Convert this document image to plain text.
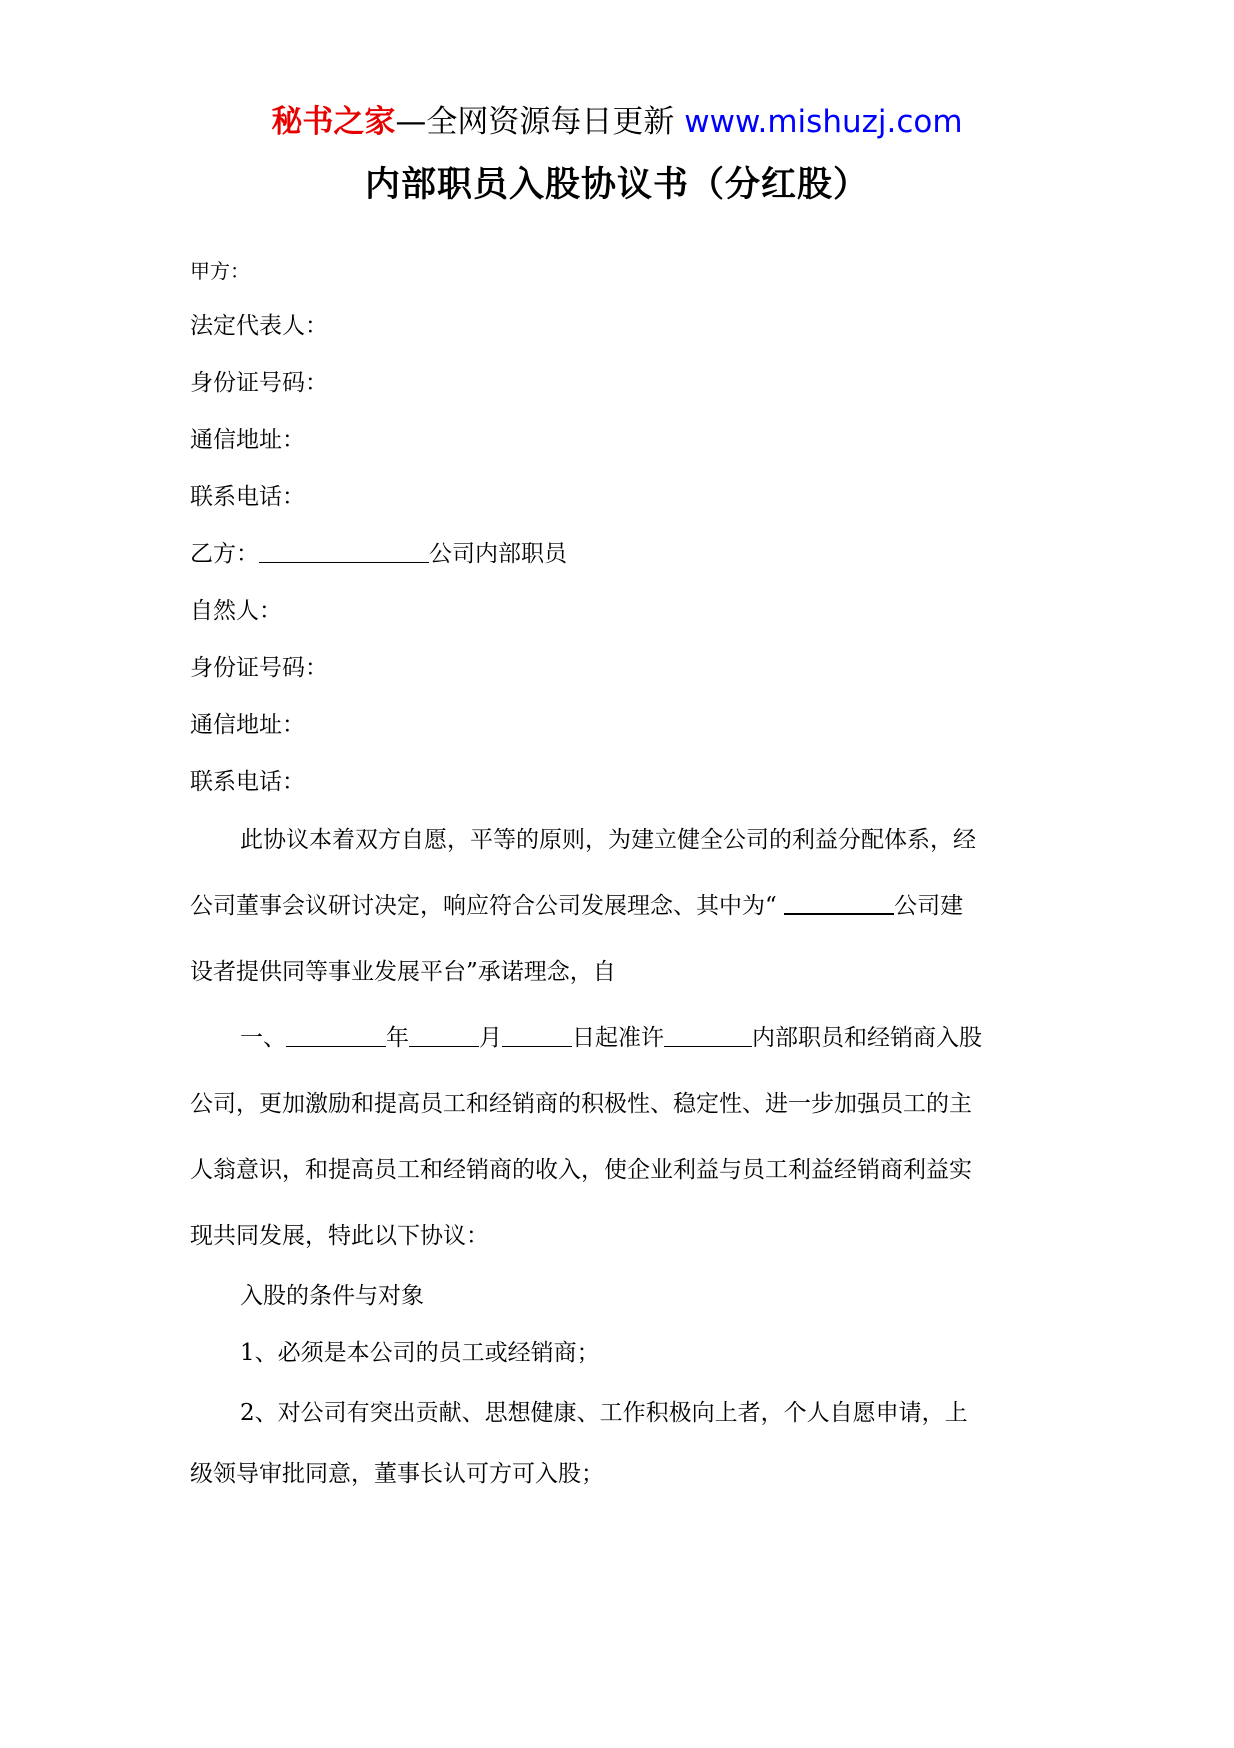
秘书之家—全网资源每日更新 www.mishuzj.com
内部职员入股协议书（分红股）
甲方：
法定代表人：
身份证号码：
通信地址：
联系电话：
乙方：	公司内部职员
自然人：
身份证号码：
通信地址：
联系电话：
此协议本着双方自愿，平等的原则，为建立健全公司的利益分配体系，经
公司董事会议研讨决定，响应符合公司发展理念、其中为“	公司建
设者提供同等事业发展平台”承诺理念，自
一、	年	月	日起准许	内部职员和经销商入股
公司，更加激励和提高员工和经销商的积极性、稳定性、进一步加强员工的主
人翁意识，和提高员工和经销商的收入，使企业利益与员工利益经销商利益实
现共同发展，特此以下协议：
入股的条件与对象
1、必须是本公司的员工或经销商；
2、对公司有突出贡献、思想健康、工作积极向上者，个人自愿申请，上
级领导审批同意，董事长认可方可入股；
